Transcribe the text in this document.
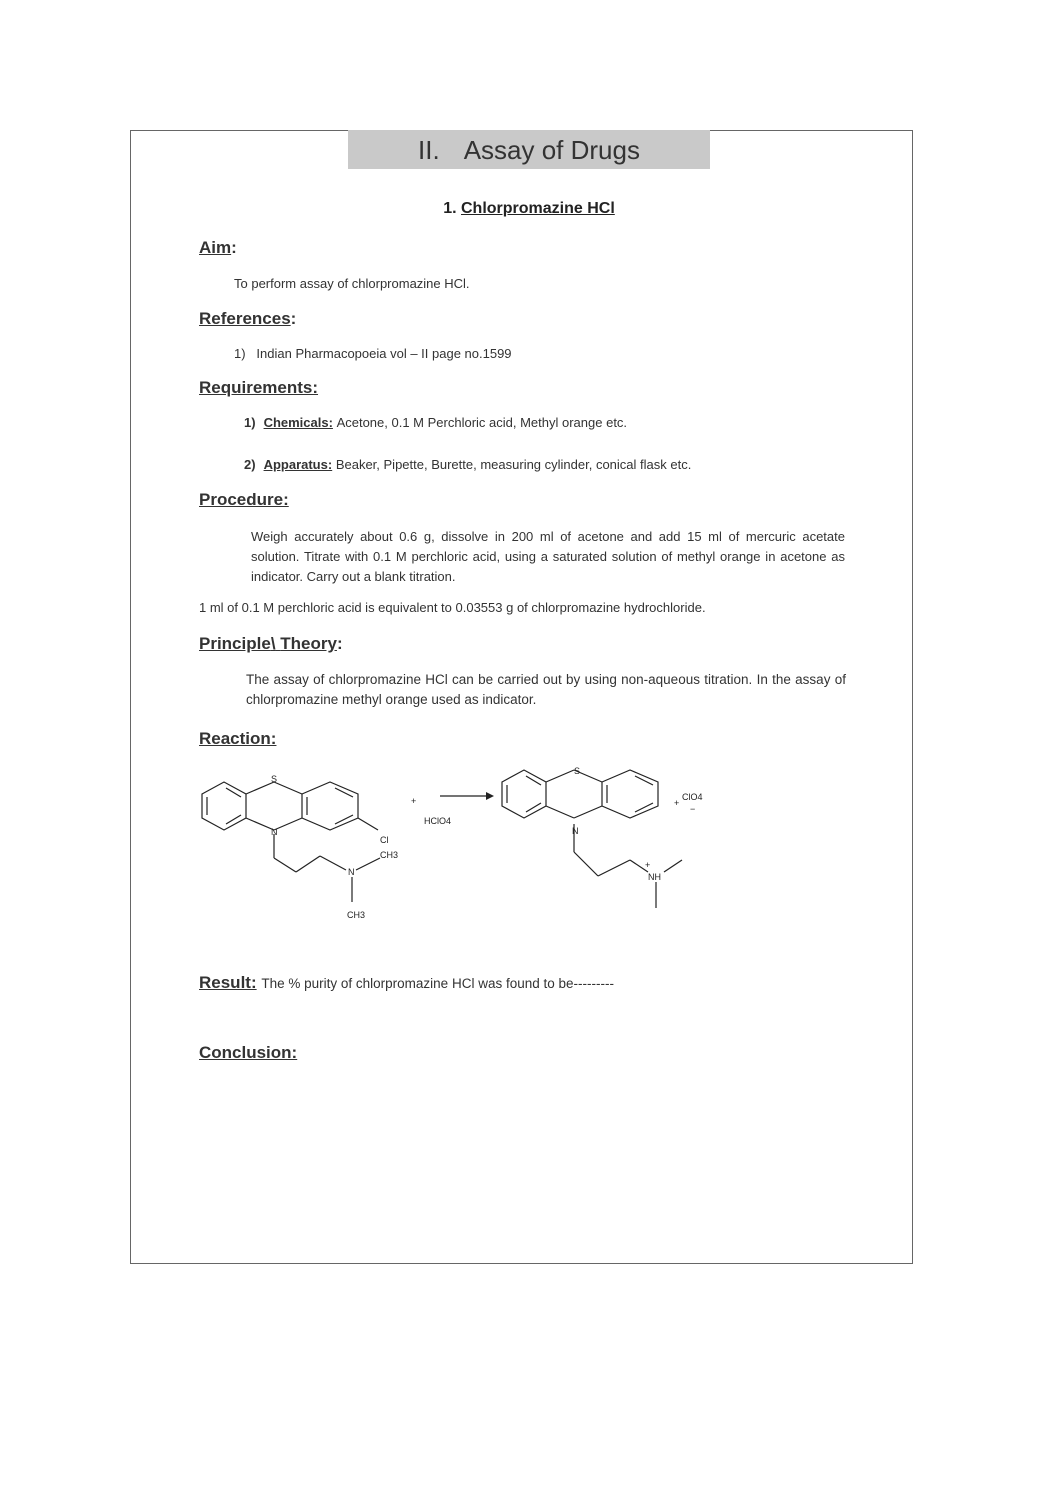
II. Assay of Drugs
1. Chlorpromazine HCl
Aim:
To perform assay of chlorpromazine HCl.
References:
1) Indian Pharmacopoeia vol – II page no.1599
Requirements:
1) Chemicals: Acetone, 0.1 M Perchloric acid, Methyl orange etc.
2) Apparatus: Beaker, Pipette, Burette, measuring cylinder, conical flask etc.
Procedure:
Weigh accurately about 0.6 g, dissolve in 200 ml of acetone and add 15 ml of mercuric acetate solution. Titrate with 0.1 M perchloric acid, using a saturated solution of methyl orange in acetone as indicator. Carry out a blank titration.
1 ml of 0.1 M perchloric acid is equivalent to 0.03553 g of chlorpromazine hydrochloride.
Principle\ Theory:
The assay of chlorpromazine HCl can be carried out by using non-aqueous titration. In the assay of chlorpromazine methyl orange used as indicator.
Reaction:
S
N
Cl
CH3
N
CH3
+
HClO4
S
N
NH
+
+
ClO4
−
Result: The % purity of chlorpromazine HCl was found to be---------
Conclusion:
